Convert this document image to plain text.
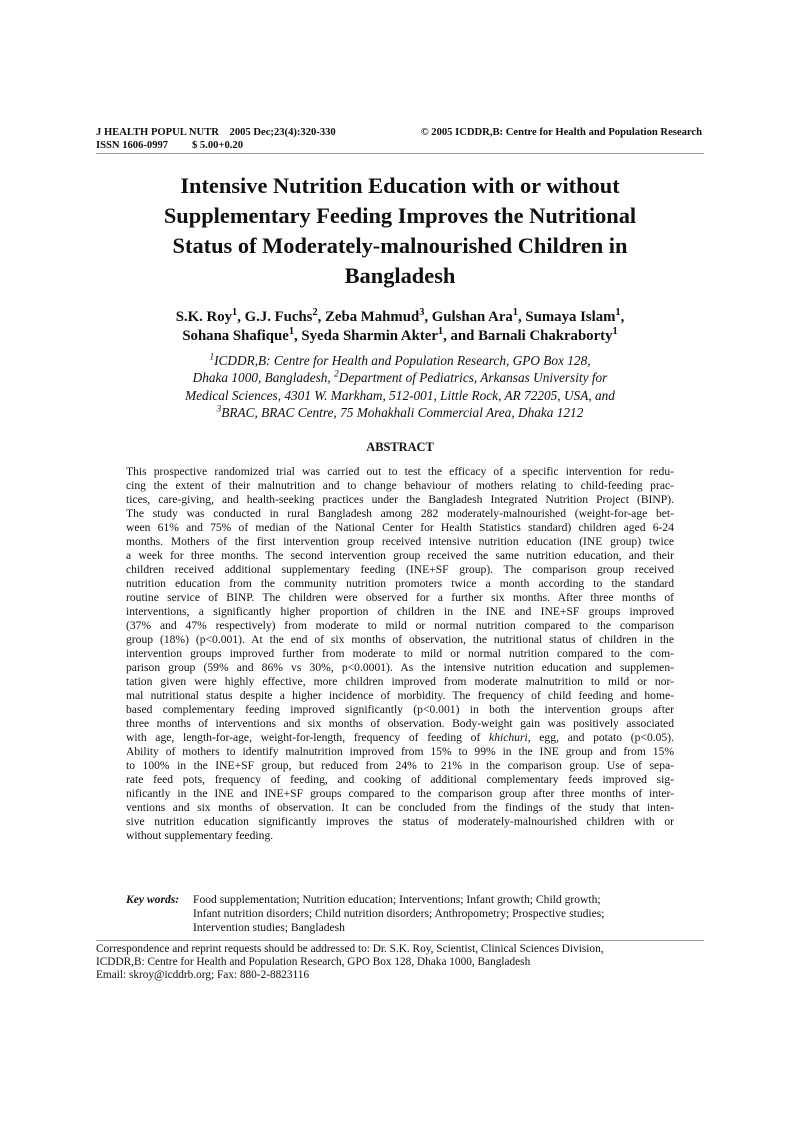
J HEALTH POPUL NUTR    2005 Dec;23(4):320-330	© 2005 ICDDR,B: Centre for Health and Population Research
ISSN 1606-0997         $ 5.00+0.20
Intensive Nutrition Education with or without
Supplementary Feeding Improves the Nutritional
Status of Moderately-malnourished Children in
Bangladesh
S.K. Roy$^1$, G.J. Fuchs$^2$, Zeba Mahmud$^3$, Gulshan Ara$^1$, Sumaya Islam$^1$,
Sohana Shafique$^1$, Syeda Sharmin Akter$^1$, and Barnali Chakraborty$^1$
$^1$ICDDR,B: Centre for Health and Population Research, GPO Box 128,
Dhaka 1000, Bangladesh, $^2$Department of Pediatrics, Arkansas University for
Medical Sciences, 4301 W. Markham, 512-001, Little Rock, AR 72205, USA, and
$^3$BRAC, BRAC Centre, 75 Mohakhali Commercial Area, Dhaka 1212
ABSTRACT
This prospective randomized trial was carried out to test the efficacy of a specific intervention for redu-
cing the extent of their malnutrition and to change behaviour of mothers relating to child-feeding prac-
tices, care-giving, and health-seeking practices under the Bangladesh Integrated Nutrition Project (BINP).
The study was conducted in rural Bangladesh among 282 moderately-malnourished (weight-for-age bet-
ween 61% and 75% of median of the National Center for Health Statistics standard) children aged 6-24
months. Mothers of the first intervention group received intensive nutrition education (INE group) twice
a week for three months. The second intervention group received the same nutrition education, and their
children received additional supplementary feeding (INE+SF group). The comparison group received
nutrition education from the community nutrition promoters twice a month according to the standard
routine service of BINP. The children were observed for a further six months. After three months of
interventions, a significantly higher proportion of children in the INE and INE+SF groups improved
(37% and 47% respectively) from moderate to mild or normal nutrition compared to the comparison
group (18%) (p<0.001). At the end of six months of observation, the nutritional status of children in the
intervention groups improved further from moderate to mild or normal nutrition compared to the com-
parison group (59% and 86% vs 30%, p<0.0001). As the intensive nutrition education and supplemen-
tation given were highly effective, more children improved from moderate malnutrition to mild or nor-
mal nutritional status despite a higher incidence of morbidity. The frequency of child feeding and home-
based complementary feeding improved significantly (p<0.001) in both the intervention groups after
three months of interventions and six months of observation. Body-weight gain was positively associated
with age, length-for-age, weight-for-length, frequency of feeding of khichuri, egg, and potato (p<0.05).
Ability of mothers to identify malnutrition improved from 15% to 99% in the INE group and from 15%
to 100% in the INE+SF group, but reduced from 24% to 21% in the comparison group. Use of sepa-
rate feed pots, frequency of feeding, and cooking of additional complementary feeds improved sig-
nificantly in the INE and INE+SF groups compared to the comparison group after three months of inter-
ventions and six months of observation. It can be concluded from the findings of the study that inten-
sive nutrition education significantly improves the status of moderately-malnourished children with or
without supplementary feeding.
Key words:	Food supplementation; Nutrition education; Interventions; Infant growth; Child growth;
Infant nutrition disorders; Child nutrition disorders; Anthropometry; Prospective studies;
Intervention studies; Bangladesh
Correspondence and reprint requests should be addressed to: Dr. S.K. Roy, Scientist, Clinical Sciences Division,
ICDDR,B: Centre for Health and Population Research, GPO Box 128, Dhaka 1000, Bangladesh
Email: skroy@icddrb.org; Fax: 880-2-8823116
